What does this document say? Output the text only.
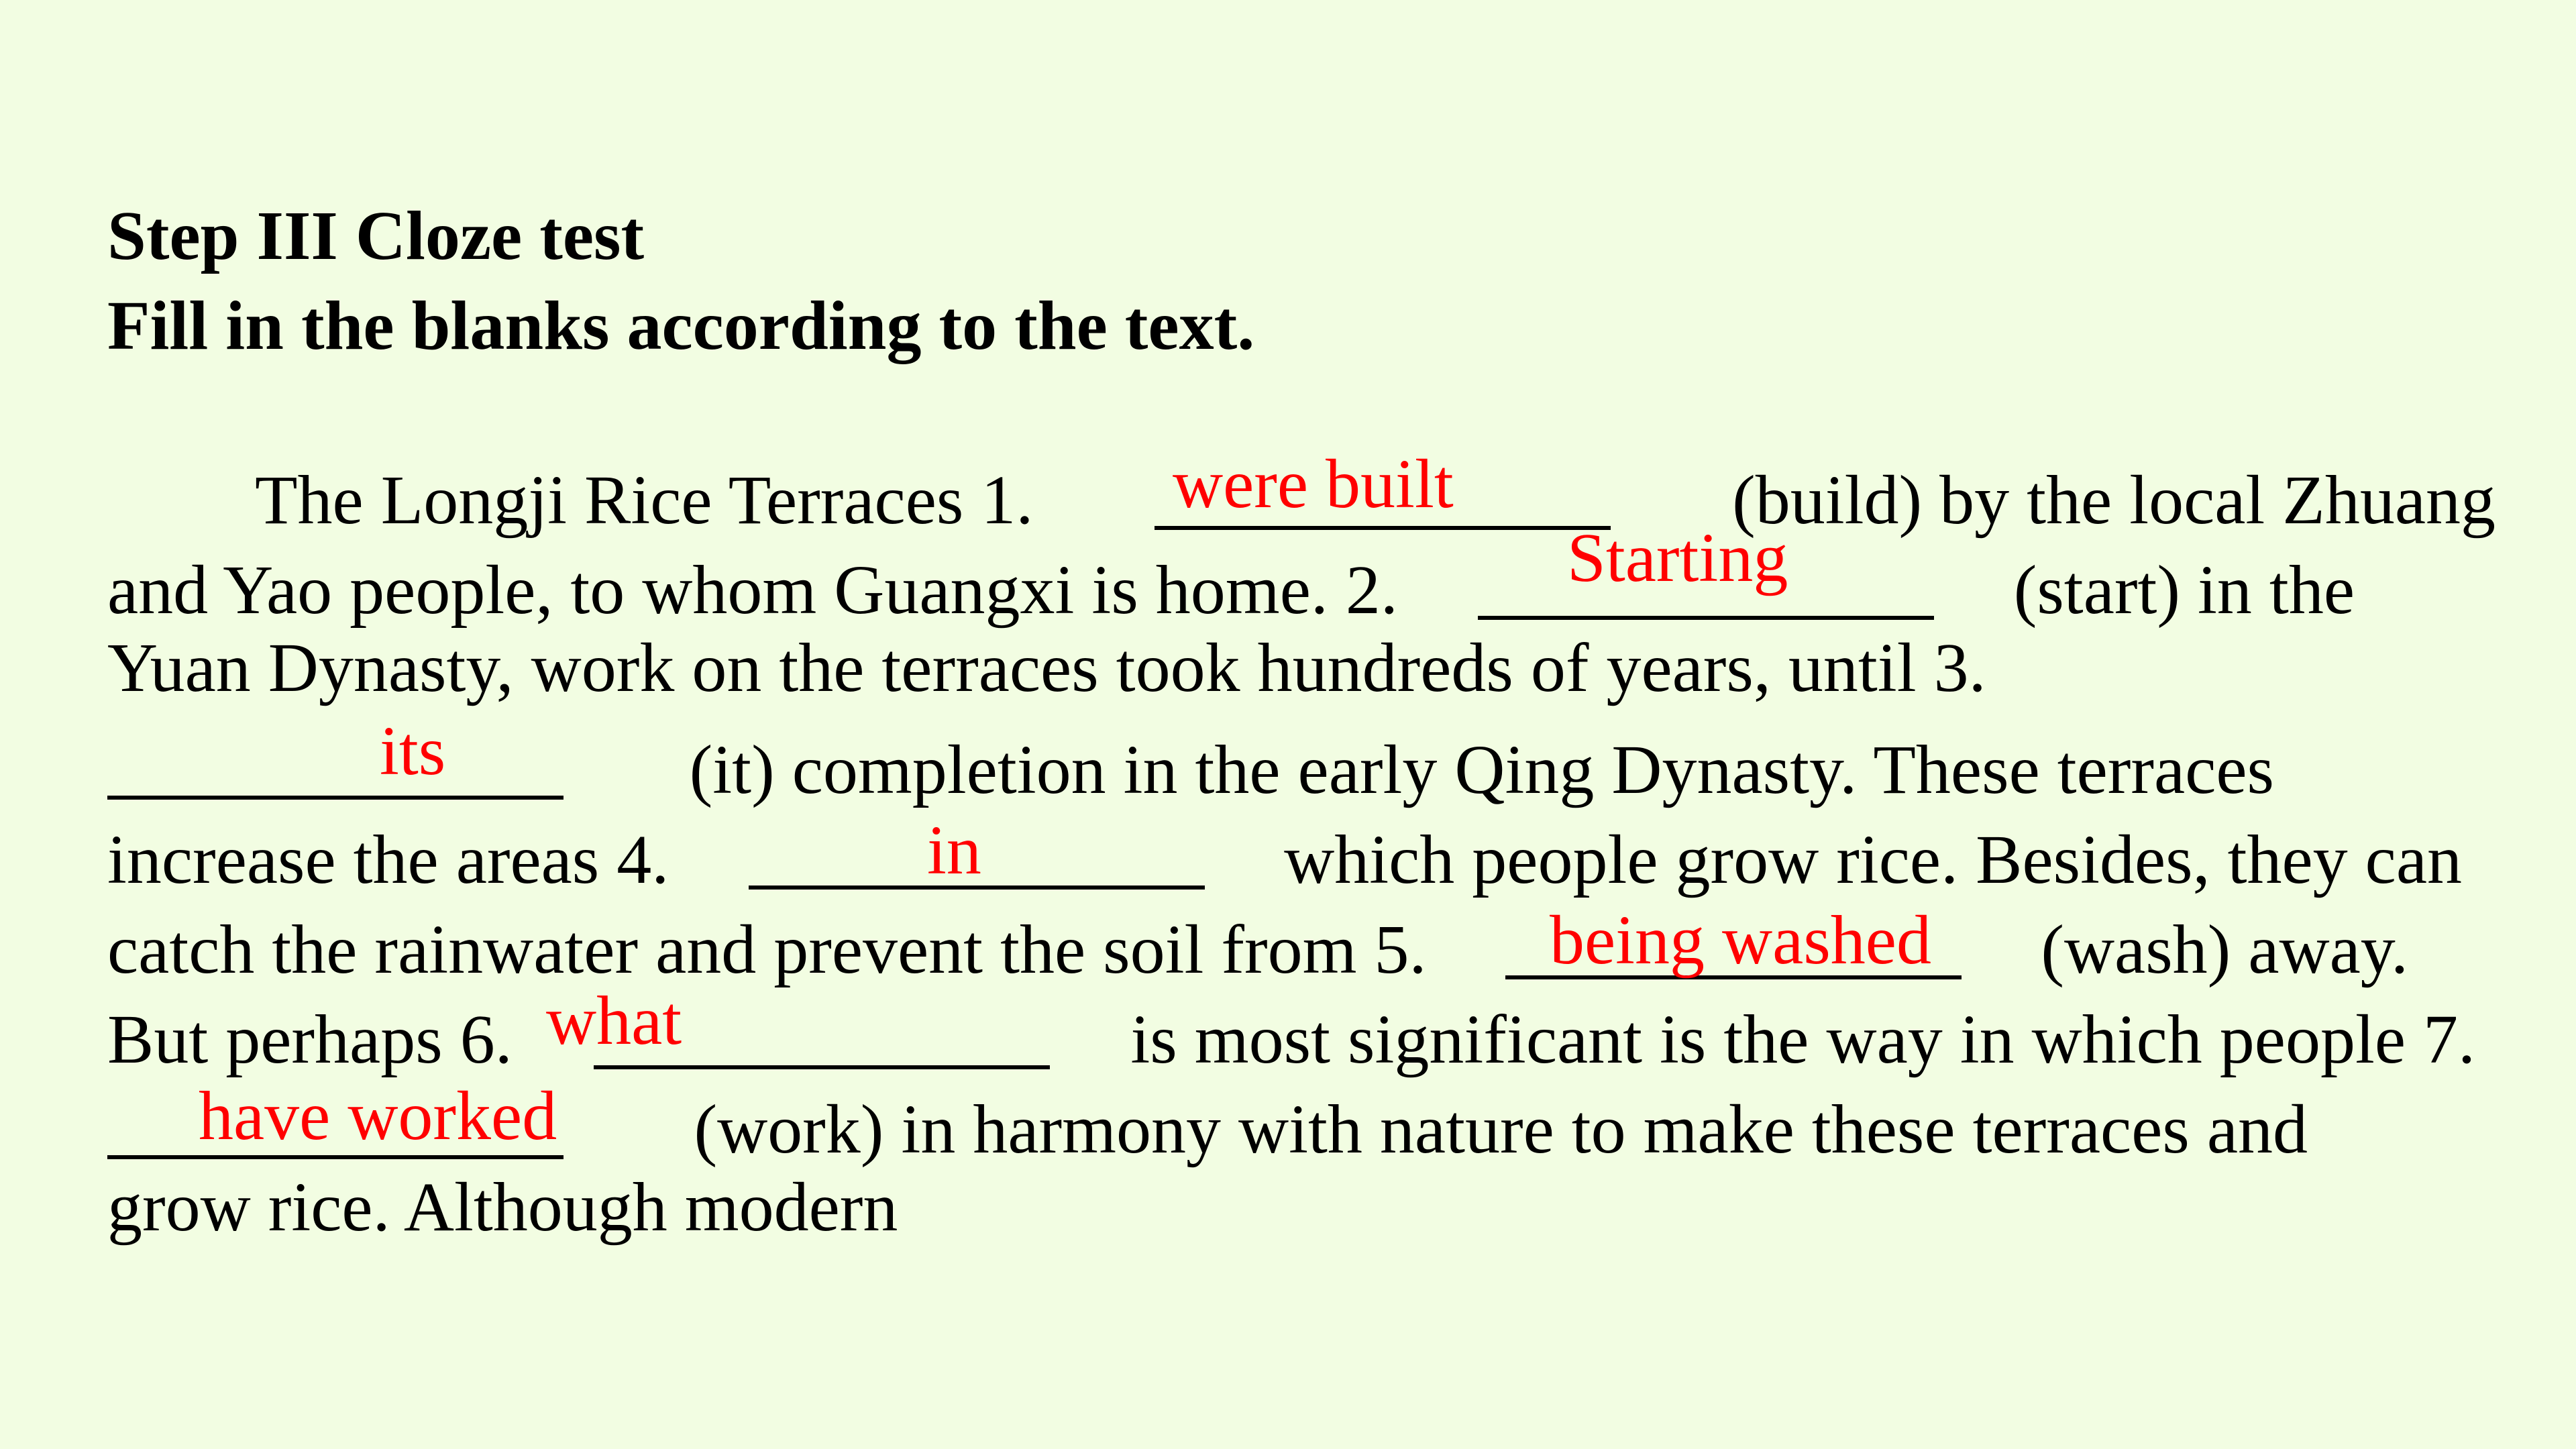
Step III Cloze test
Fill in the blanks according to the text.
The Longji Rice Terraces 1.	(build) by the local Zhuang
and Yao people, to whom Guangxi is home. 2.	(start) in the
Yuan Dynasty, work on the terraces took hundreds of years, until 3.
(it) completion in the early Qing Dynasty. These terraces
increase the areas 4.	which people grow rice. Besides, they can
catch the rainwater and prevent the soil from 5.	(wash) away.
But perhaps 6.	is most significant is the way in which people 7.
(work) in harmony with nature to make these terraces and
grow rice. Although modern
were built
Starting
its
in
being washed
what
have worked
